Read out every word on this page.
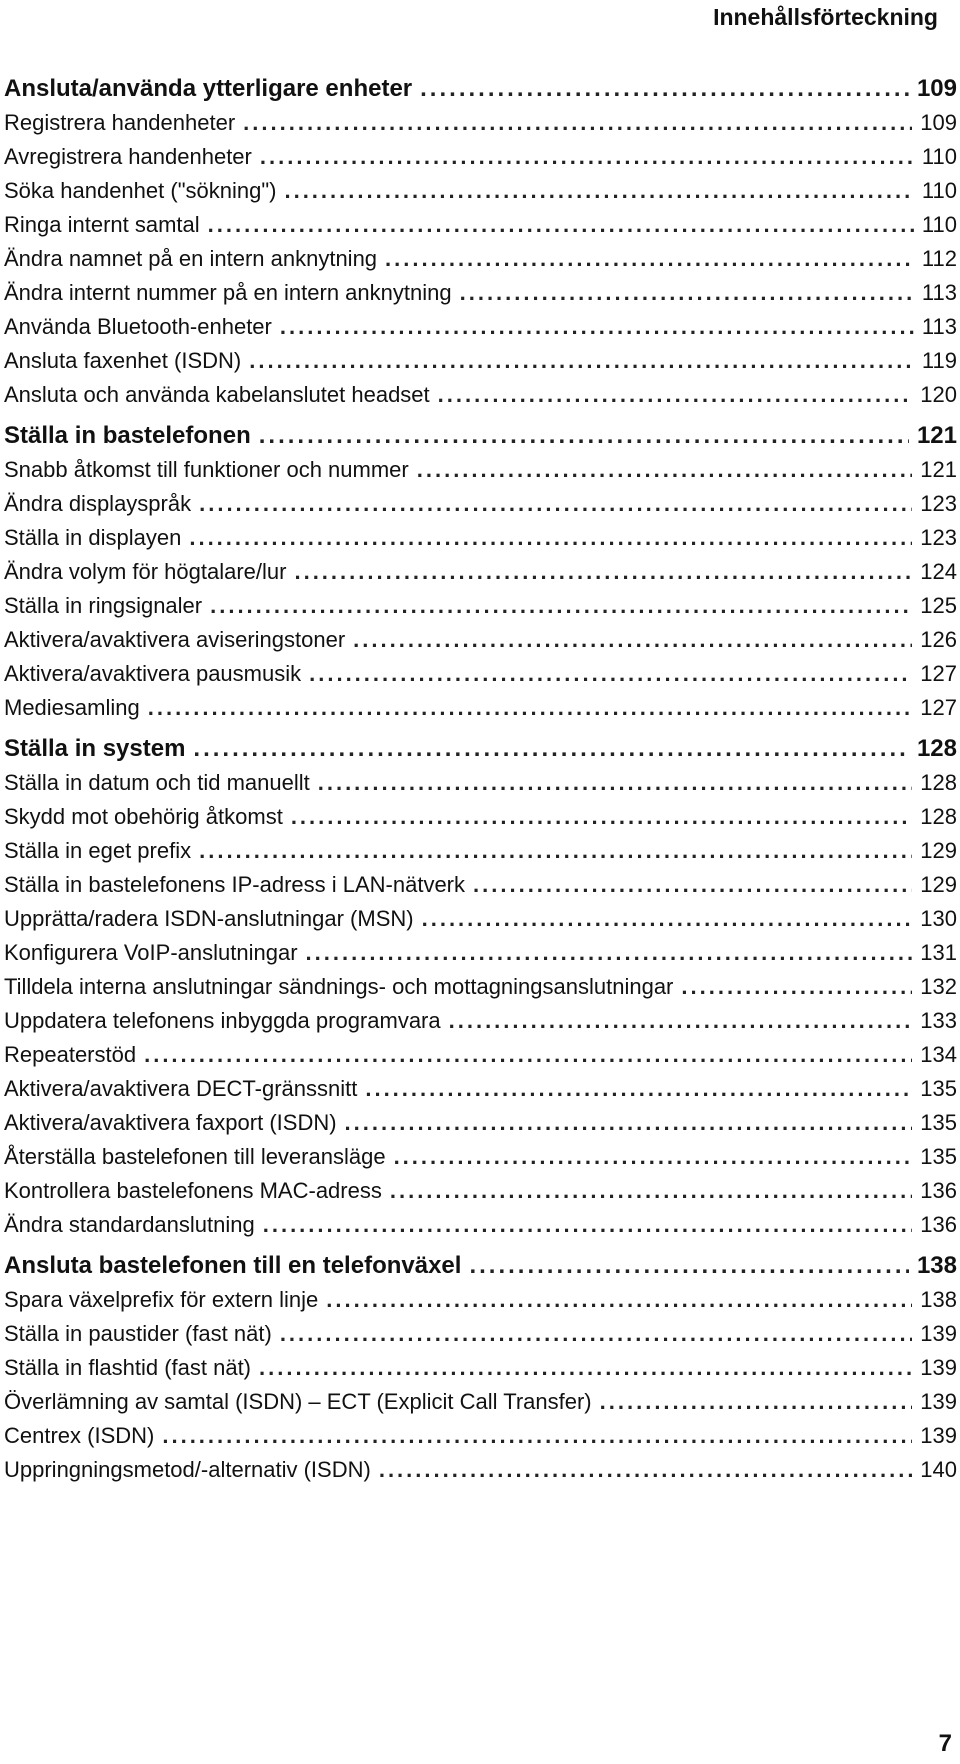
Innehållsförteckning
Ansluta/använda ytterligare enheter .....	109
Registrera handenheter .....	109
Avregistrera handenheter .....	110
Söka handenhet ("sökning") .....	110
Ringa internt samtal .....	110
Ändra namnet på en intern anknytning .....	112
Ändra internt nummer på en intern anknytning .....	113
Använda Bluetooth-enheter .....	113
Ansluta faxenhet (ISDN) .....	119
Ansluta och använda kabelanslutet headset .....	120
Ställa in bastelefonen .....	121
Snabb åtkomst till funktioner och nummer .....	121
Ändra displayspråk .....	123
Ställa in displayen .....	123
Ändra volym för högtalare/lur .....	124
Ställa in ringsignaler .....	125
Aktivera/avaktivera aviseringstoner .....	126
Aktivera/avaktivera pausmusik .....	127
Mediesamling .....	127
Ställa in system .....	128
Ställa in datum och tid manuellt .....	128
Skydd mot obehörig åtkomst .....	128
Ställa in eget prefix .....	129
Ställa in bastelefonens IP-adress i LAN-nätverk .....	129
Upprätta/radera ISDN-anslutningar (MSN) .....	130
Konfigurera VoIP-anslutningar .....	131
Tilldela interna anslutningar sändnings- och mottagningsanslutningar .....	132
Uppdatera telefonens inbyggda programvara .....	133
Repeaterstöd .....	134
Aktivera/avaktivera DECT-gränssnitt .....	135
Aktivera/avaktivera faxport (ISDN) .....	135
Återställa bastelefonen till leveransläge .....	135
Kontrollera bastelefonens MAC-adress .....	136
Ändra standardanslutning .....	136
Ansluta bastelefonen till en telefonväxel .....	138
Spara växelprefix för extern linje .....	138
Ställa in paustider (fast nät) .....	139
Ställa in flashtid (fast nät) .....	139
Överlämning av samtal (ISDN) – ECT (Explicit Call Transfer) .....	139
Centrex (ISDN) .....	139
Uppringningsmetod/-alternativ (ISDN) .....	140
7
